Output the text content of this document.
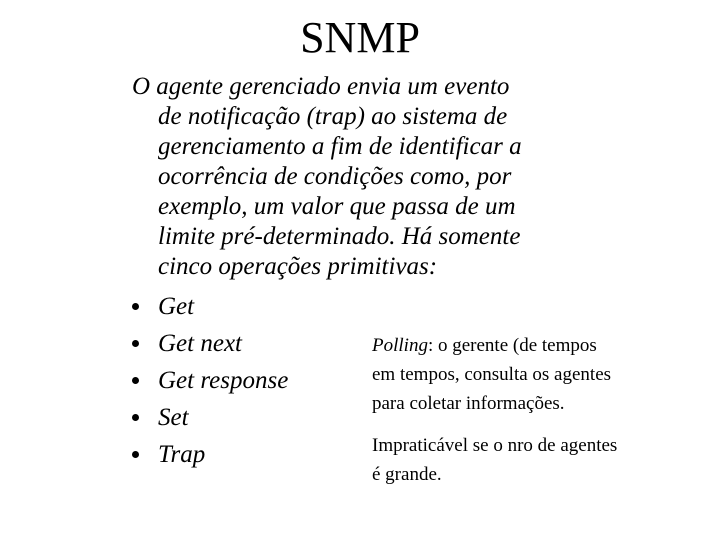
SNMP
O agente gerenciado envia um evento
de notificação (trap) ao sistema de
gerenciamento a fim de identificar a
ocorrência de condições como, por
exemplo, um valor que passa de um
limite pré-determinado. Há somente
cinco operações primitivas:
Get
Get next
Get response
Set
Trap
Polling: o gerente (de tempos
em tempos, consulta os agentes
para coletar informações.
Impraticável se o nro de agentes
é grande.
